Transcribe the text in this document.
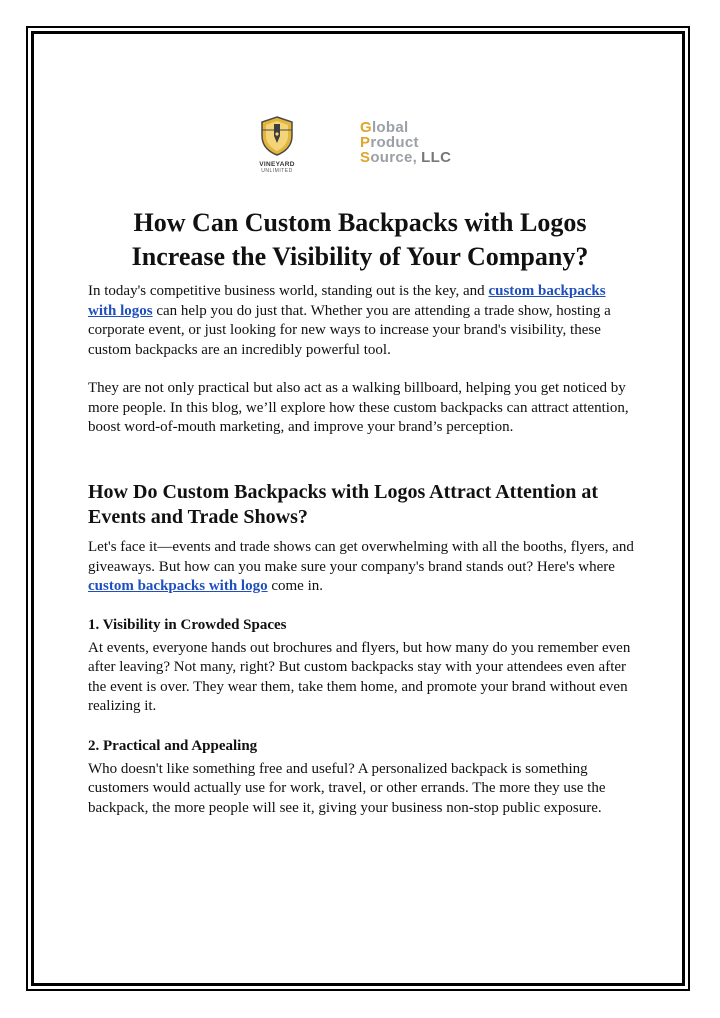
VINEYARD
UNLIMITED
Global
Product
Source, LLC
How Can Custom Backpacks with Logos
Increase the Visibility of Your Company?

In today's competitive business world, standing out is the key, and custom backpacks with logos can help you do just that. Whether you are attending a trade show, hosting a corporate event, or just looking for new ways to increase your brand's visibility, these custom backpacks are an incredibly powerful tool.

They are not only practical but also act as a walking billboard, helping you get noticed by more people. In this blog, we’ll explore how these custom backpacks can attract attention, boost word-of-mouth marketing, and improve your brand’s perception.

How Do Custom Backpacks with Logos Attract Attention at Events and Trade Shows?

Let's face it—events and trade shows can get overwhelming with all the booths, flyers, and giveaways. But how can you make sure your company's brand stands out? Here's where custom backpacks with logo come in.

1. Visibility in Crowded Spaces

At events, everyone hands out brochures and flyers, but how many do you remember even after leaving? Not many, right? But custom backpacks stay with your attendees even after the event is over. They wear them, take them home, and promote your brand without even realizing it.

2. Practical and Appealing

Who doesn't like something free and useful? A personalized backpack is something customers would actually use for work, travel, or other errands. The more they use the backpack, the more people will see it, giving your business non-stop public exposure.
